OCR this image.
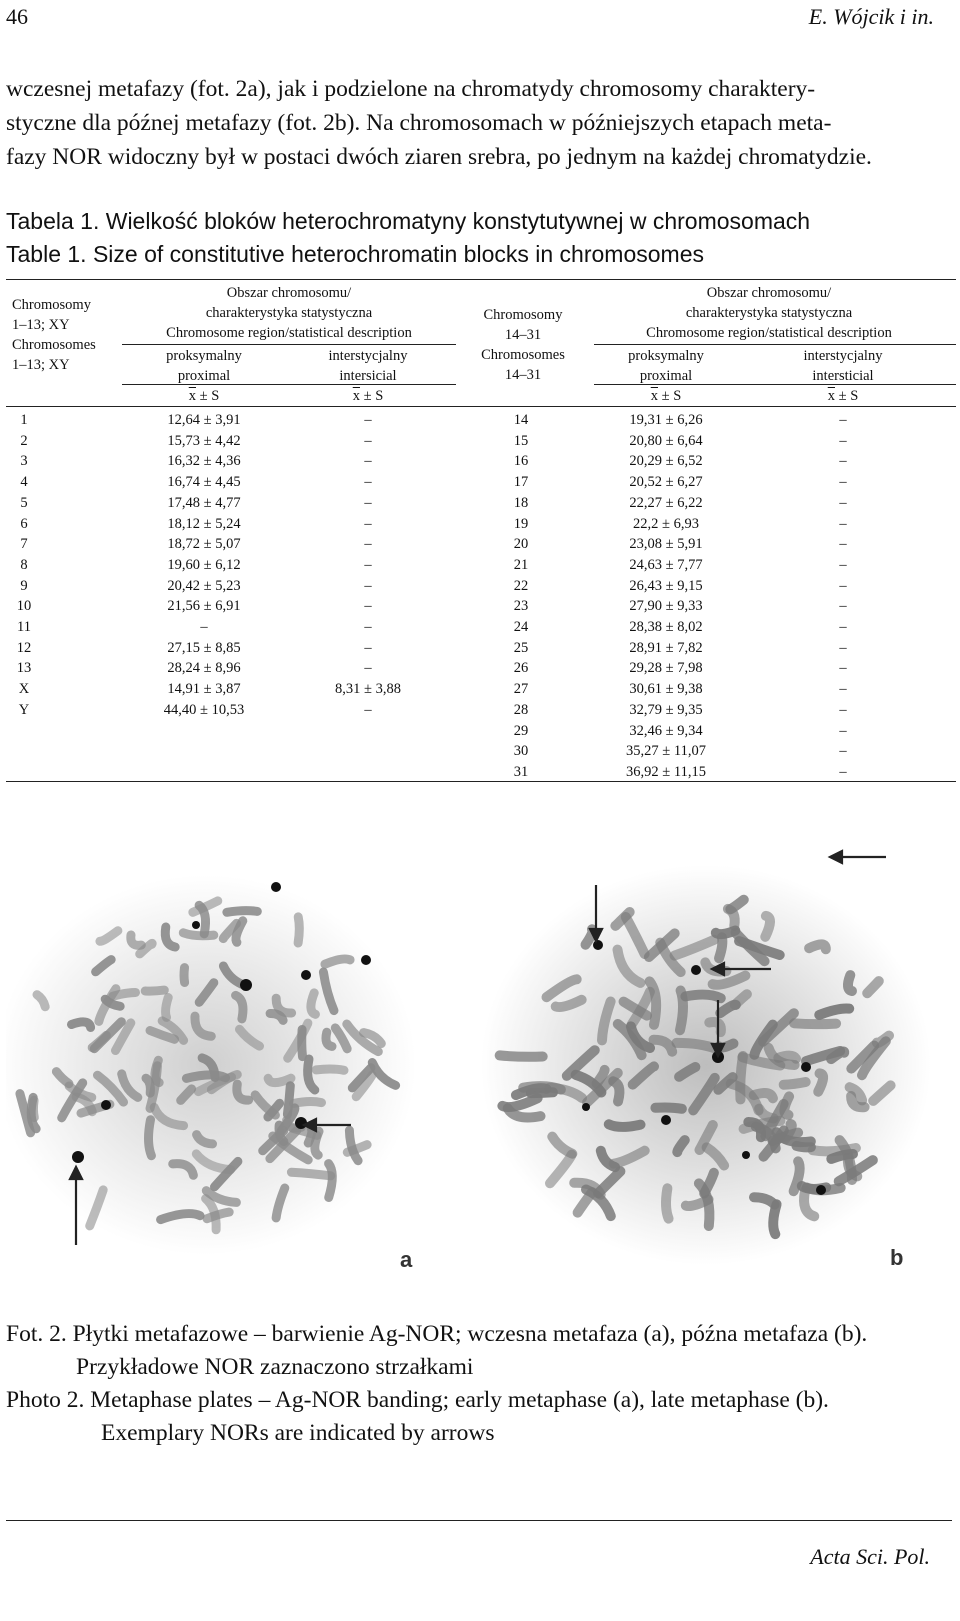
46	E. Wójcik i in.
wczesnej metafazy (fot. 2a), jak i podzielone na chromatydy chromosomy charaktery-
styczne dla późnej metafazy (fot. 2b). Na chromosomach w późniejszych etapach meta-
fazy NOR widoczny był w postaci dwóch ziaren srebra, po jednym na każdej chromatydzie.
Tabela 1. Wielkość bloków heterochromatyny konstytutywnej w chromosomach
Table 1. Size of constitutive heterochromatin blocks in chromosomes
Chromosomy
1–13; XY
Chromosomes
1–13; XY
Obszar chromosomu/
charakterystyka statystyczna
Chromosome region/statistical description
proksymalny
proximal
interstycjalny
intersicial
$\overline{x} \pm S$	$\overline{x} \pm S$
Chromosomy
14–31
Chromosomes
14–31
Obszar chromosomu/
charakterystyka statystyczna
Chromosome region/statistical description
proksymalny
proximal
interstycjalny
intersticial
$\overline{x} \pm S$	$\overline{x} \pm S$
1	12,64 ± 3,91	–
2	15,73 ± 4,42	–
3	16,32 ± 4,36	–
4	16,74 ± 4,45	–
5	17,48 ± 4,77	–
6	18,12 ± 5,24	–
7	18,72 ± 5,07	–
8	19,60 ± 6,12	–
9	20,42 ± 5,23	–
10	21,56 ± 6,91	–
11	–	–
12	27,15 ± 8,85	–
13	28,24 ± 8,96	–
X	14,91 ± 3,87	8,31 ± 3,88
Y	44,40 ± 10,53	–
14	19,31 ± 6,26	–
15	20,80 ± 6,64	–
16	20,29 ± 6,52	–
17	20,52 ± 6,27	–
18	22,27 ± 6,22	–
19	22,2 ± 6,93	–
20	23,08 ± 5,91	–
21	24,63 ± 7,77	–
22	26,43 ± 9,15	–
23	27,90 ± 9,33	–
24	28,38 ± 8,02	–
25	28,91 ± 7,82	–
26	29,28 ± 7,98	–
27	30,61 ± 9,38	–
28	32,79 ± 9,35	–
29	32,46 ± 9,34	–
30	35,27 ± 11,07	–
31	36,92 ± 11,15	–
a	b
Fot. 2. Płytki metafazowe – barwienie Ag-NOR; wczesna metafaza (a), późna metafaza (b).
Przykładowe NOR zaznaczono strzałkami
Photo 2. Metaphase plates – Ag-NOR banding; early metaphase (a), late metaphase (b).
Exemplary NORs are indicated by arrows
Acta Sci. Pol.
